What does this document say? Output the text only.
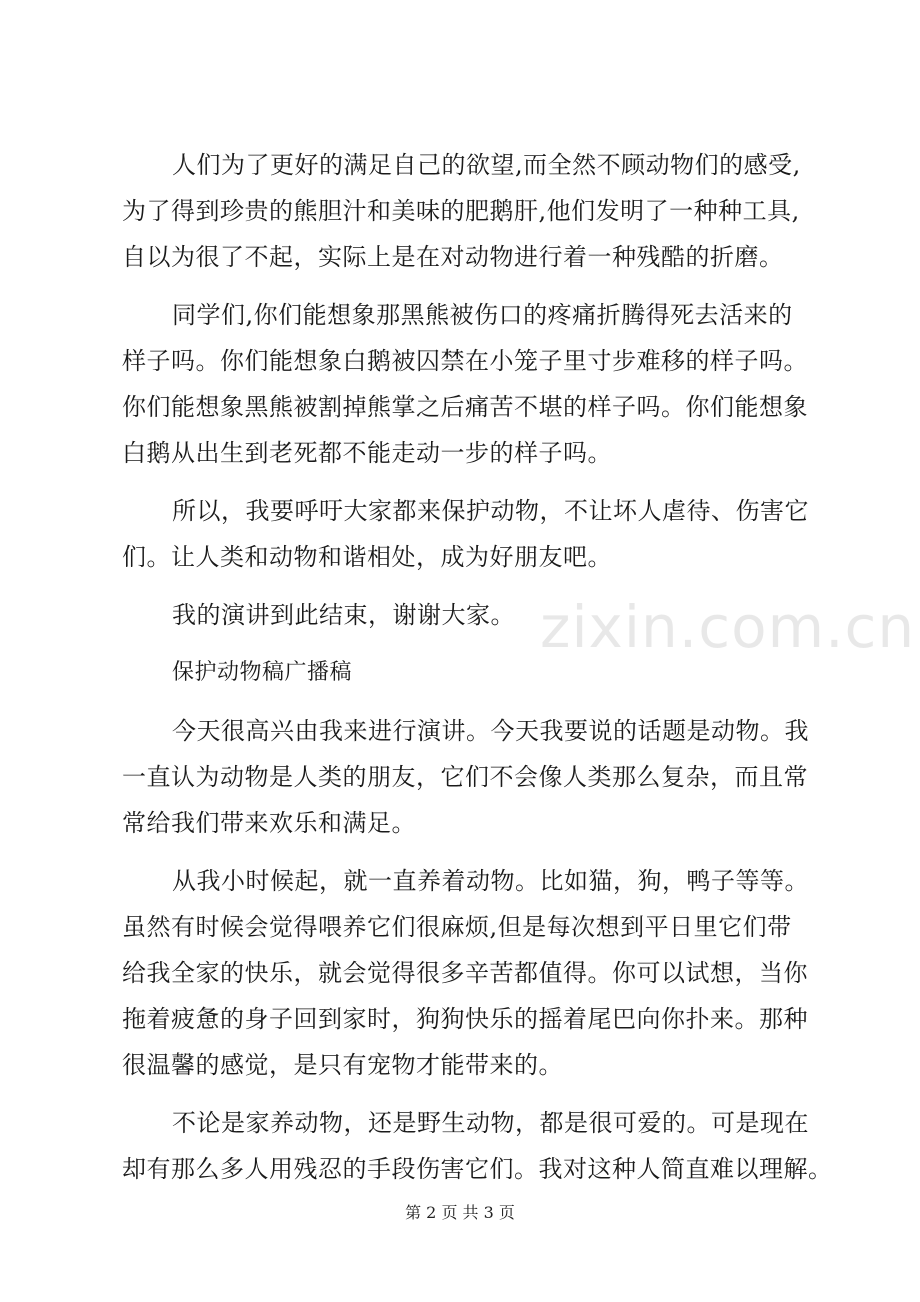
人们为了更好的满足自己的欲望,而全然不顾动物们的感受,
为了得到珍贵的熊胆汁和美味的肥鹅肝,他们发明了一种种工具,
自以为很了不起，实际上是在对动物进行着一种残酷的折磨。
同学们,你们能想象那黑熊被伤口的疼痛折腾得死去活来的
样子吗。你们能想象白鹅被囚禁在小笼子里寸步难移的样子吗。
你们能想象黑熊被割掉熊掌之后痛苦不堪的样子吗。你们能想象
白鹅从出生到老死都不能走动一步的样子吗。
所以，我要呼吁大家都来保护动物，不让坏人虐待、伤害它
们。让人类和动物和谐相处，成为好朋友吧。
我的演讲到此结束，谢谢大家。
保护动物稿广播稿
今天很高兴由我来进行演讲。今天我要说的话题是动物。我
一直认为动物是人类的朋友，它们不会像人类那么复杂，而且常
常给我们带来欢乐和满足。
从我小时候起，就一直养着动物。比如猫，狗，鸭子等等。
虽然有时候会觉得喂养它们很麻烦,但是每次想到平日里它们带
给我全家的快乐，就会觉得很多辛苦都值得。你可以试想，当你
拖着疲惫的身子回到家时，狗狗快乐的摇着尾巴向你扑来。那种
很温馨的感觉，是只有宠物才能带来的。
不论是家养动物，还是野生动物，都是很可爱的。可是现在
却有那么多人用残忍的手段伤害它们。我对这种人简直难以理解。
zixin.com.cn
第 2 页 共 3 页
